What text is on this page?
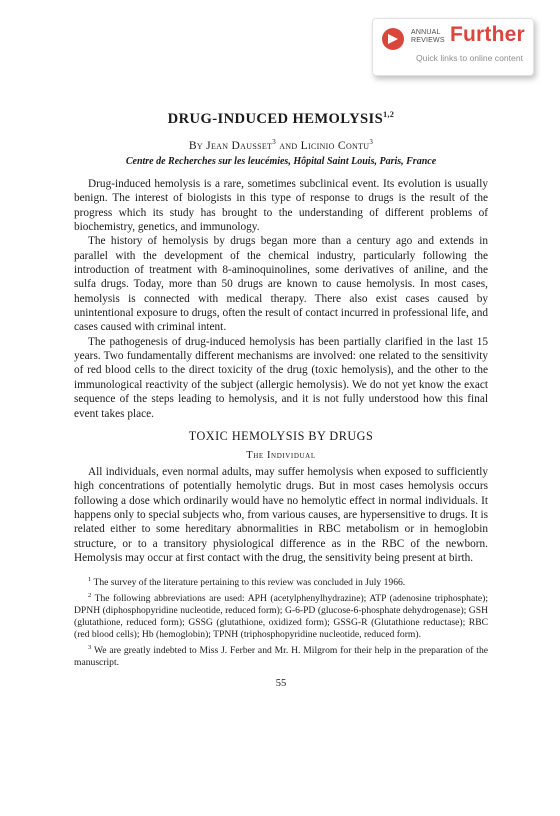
ANNUAL
REVIEWS Further
Quick links to online content
DRUG-INDUCED HEMOLYSIS$^{1,2}$
By Jean Dausset$^3$ and Licinio Contu$^3$
Centre de Recherches sur les leucémies, Hôpital Saint Louis, Paris, France

Drug-induced hemolysis is a rare, sometimes subclinical event. Its evolution is usually benign. The interest of biologists in this type of response to drugs is the result of the progress which its study has brought to the understanding of different problems of biochemistry, genetics, and immunology.

The history of hemolysis by drugs began more than a century ago and extends in parallel with the development of the chemical industry, particularly following the introduction of treatment with 8-aminoquinolines, some derivatives of aniline, and the sulfa drugs. Today, more than 50 drugs are known to cause hemolysis. In most cases, hemolysis is connected with medical therapy. There also exist cases caused by unintentional exposure to drugs, often the result of contact incurred in professional life, and cases caused with criminal intent.

The pathogenesis of drug-induced hemolysis has been partially clarified in the last 15 years. Two fundamentally different mechanisms are involved: one related to the sensitivity of red blood cells to the direct toxicity of the drug (toxic hemolysis), and the other to the immunological reactivity of the subject (allergic hemolysis). We do not yet know the exact sequence of the steps leading to hemolysis, and it is not fully understood how this final event takes place.

TOXIC HEMOLYSIS BY DRUGS
The Individual

All individuals, even normal adults, may suffer hemolysis when exposed to sufficiently high concentrations of potentially hemolytic drugs. But in most cases hemolysis occurs following a dose which ordinarily would have no hemolytic effect in normal individuals. It happens only to special subjects who, from various causes, are hypersensitive to drugs. It is related either to some hereditary abnormalities in RBC metabolism or in hemoglobin structure, or to a transitory physiological difference as in the RBC of the newborn. Hemolysis may occur at first contact with the drug, the sensitivity being present at birth.

$^1$ The survey of the literature pertaining to this review was concluded in July 1966.

$^2$ The following abbreviations are used: APH (acetylphenylhydrazine); ATP (adenosine triphosphate); DPNH (diphosphopyridine nucleotide, reduced form); G-6-PD (glucose-6-phosphate dehydrogenase); GSH (glutathione, reduced form); GSSG (glutathione, oxidized form); GSSG-R (Glutathione reductase); RBC (red blood cells); Hb (hemoglobin); TPNH (triphosphopyridine nucleotide, reduced form).

$^3$ We are greatly indebted to Miss J. Ferber and Mr. H. Milgrom for their help in the preparation of the manuscript.

55
